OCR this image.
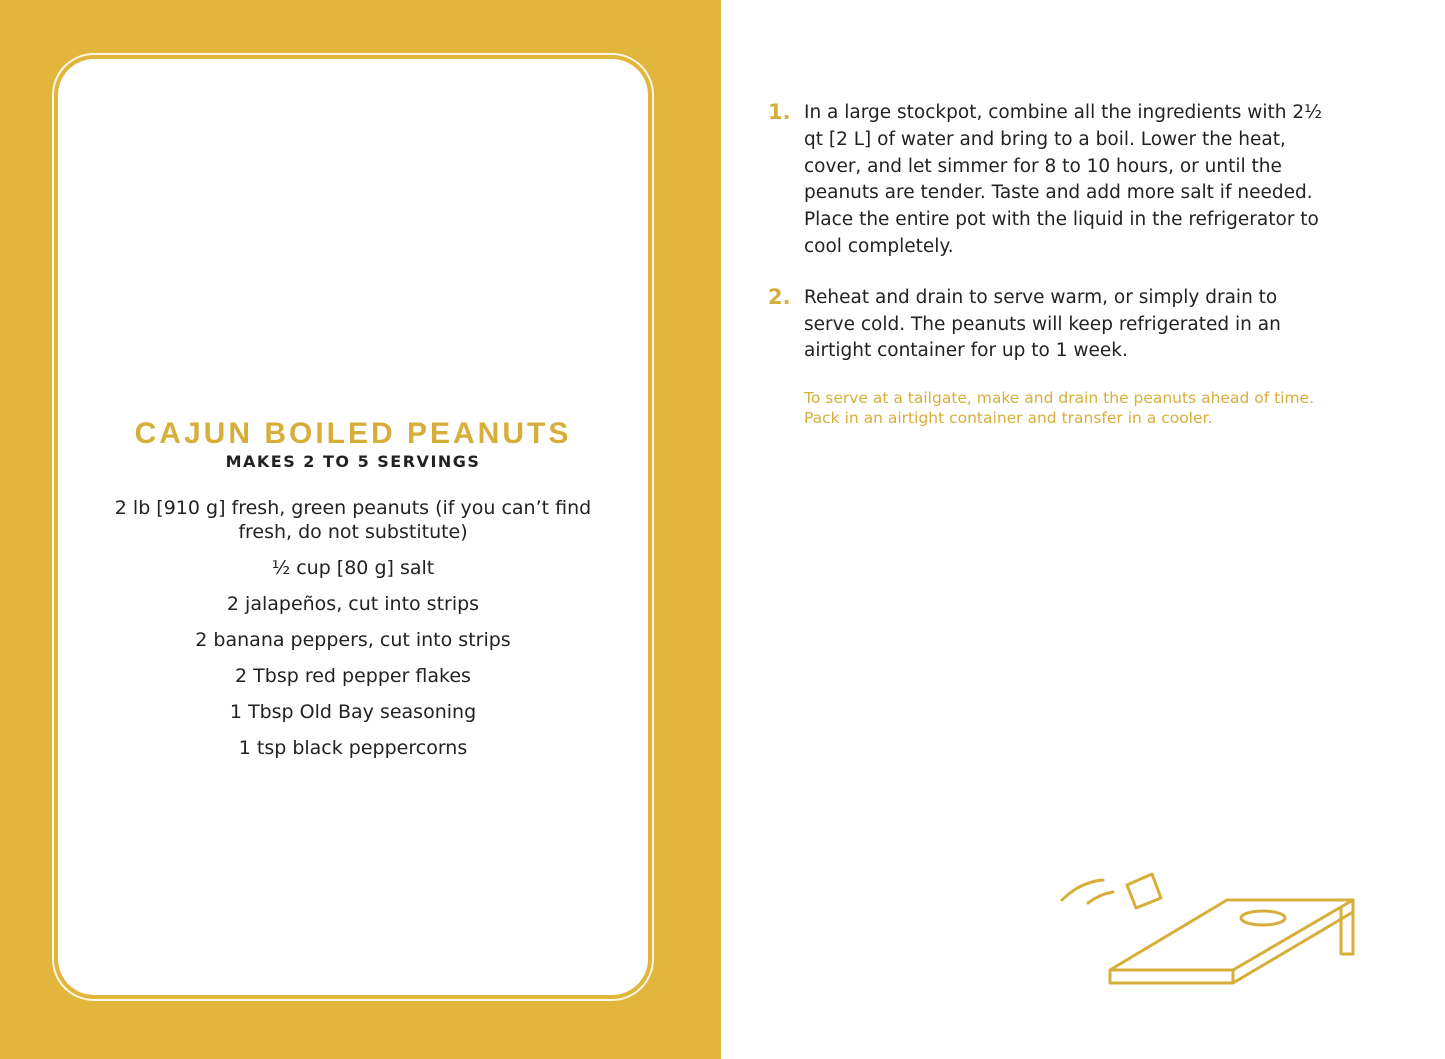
CAJUN BOILED PEANUTS
MAKES 2 TO 5 SERVINGS
2 lb [910 g] fresh, green peanuts (if you can’t find fresh, do not substitute)
½ cup [80 g] salt
2 jalapeños, cut into strips
2 banana peppers, cut into strips
2 Tbsp red pepper flakes
1 Tbsp Old Bay seasoning
1 tsp black peppercorns
1. In a large stockpot, combine all the ingredients with 2½ qt [2 L] of water and bring to a boil. Lower the heat, cover, and let simmer for 8 to 10 hours, or until the peanuts are tender. Taste and add more salt if needed. Place the entire pot with the liquid in the refrigerator to cool completely.
2. Reheat and drain to serve warm, or simply drain to serve cold. The peanuts will keep refrigerated in an airtight container for up to 1 week.
To serve at a tailgate, make and drain the peanuts ahead of time. Pack in an airtight container and transfer in a cooler.
